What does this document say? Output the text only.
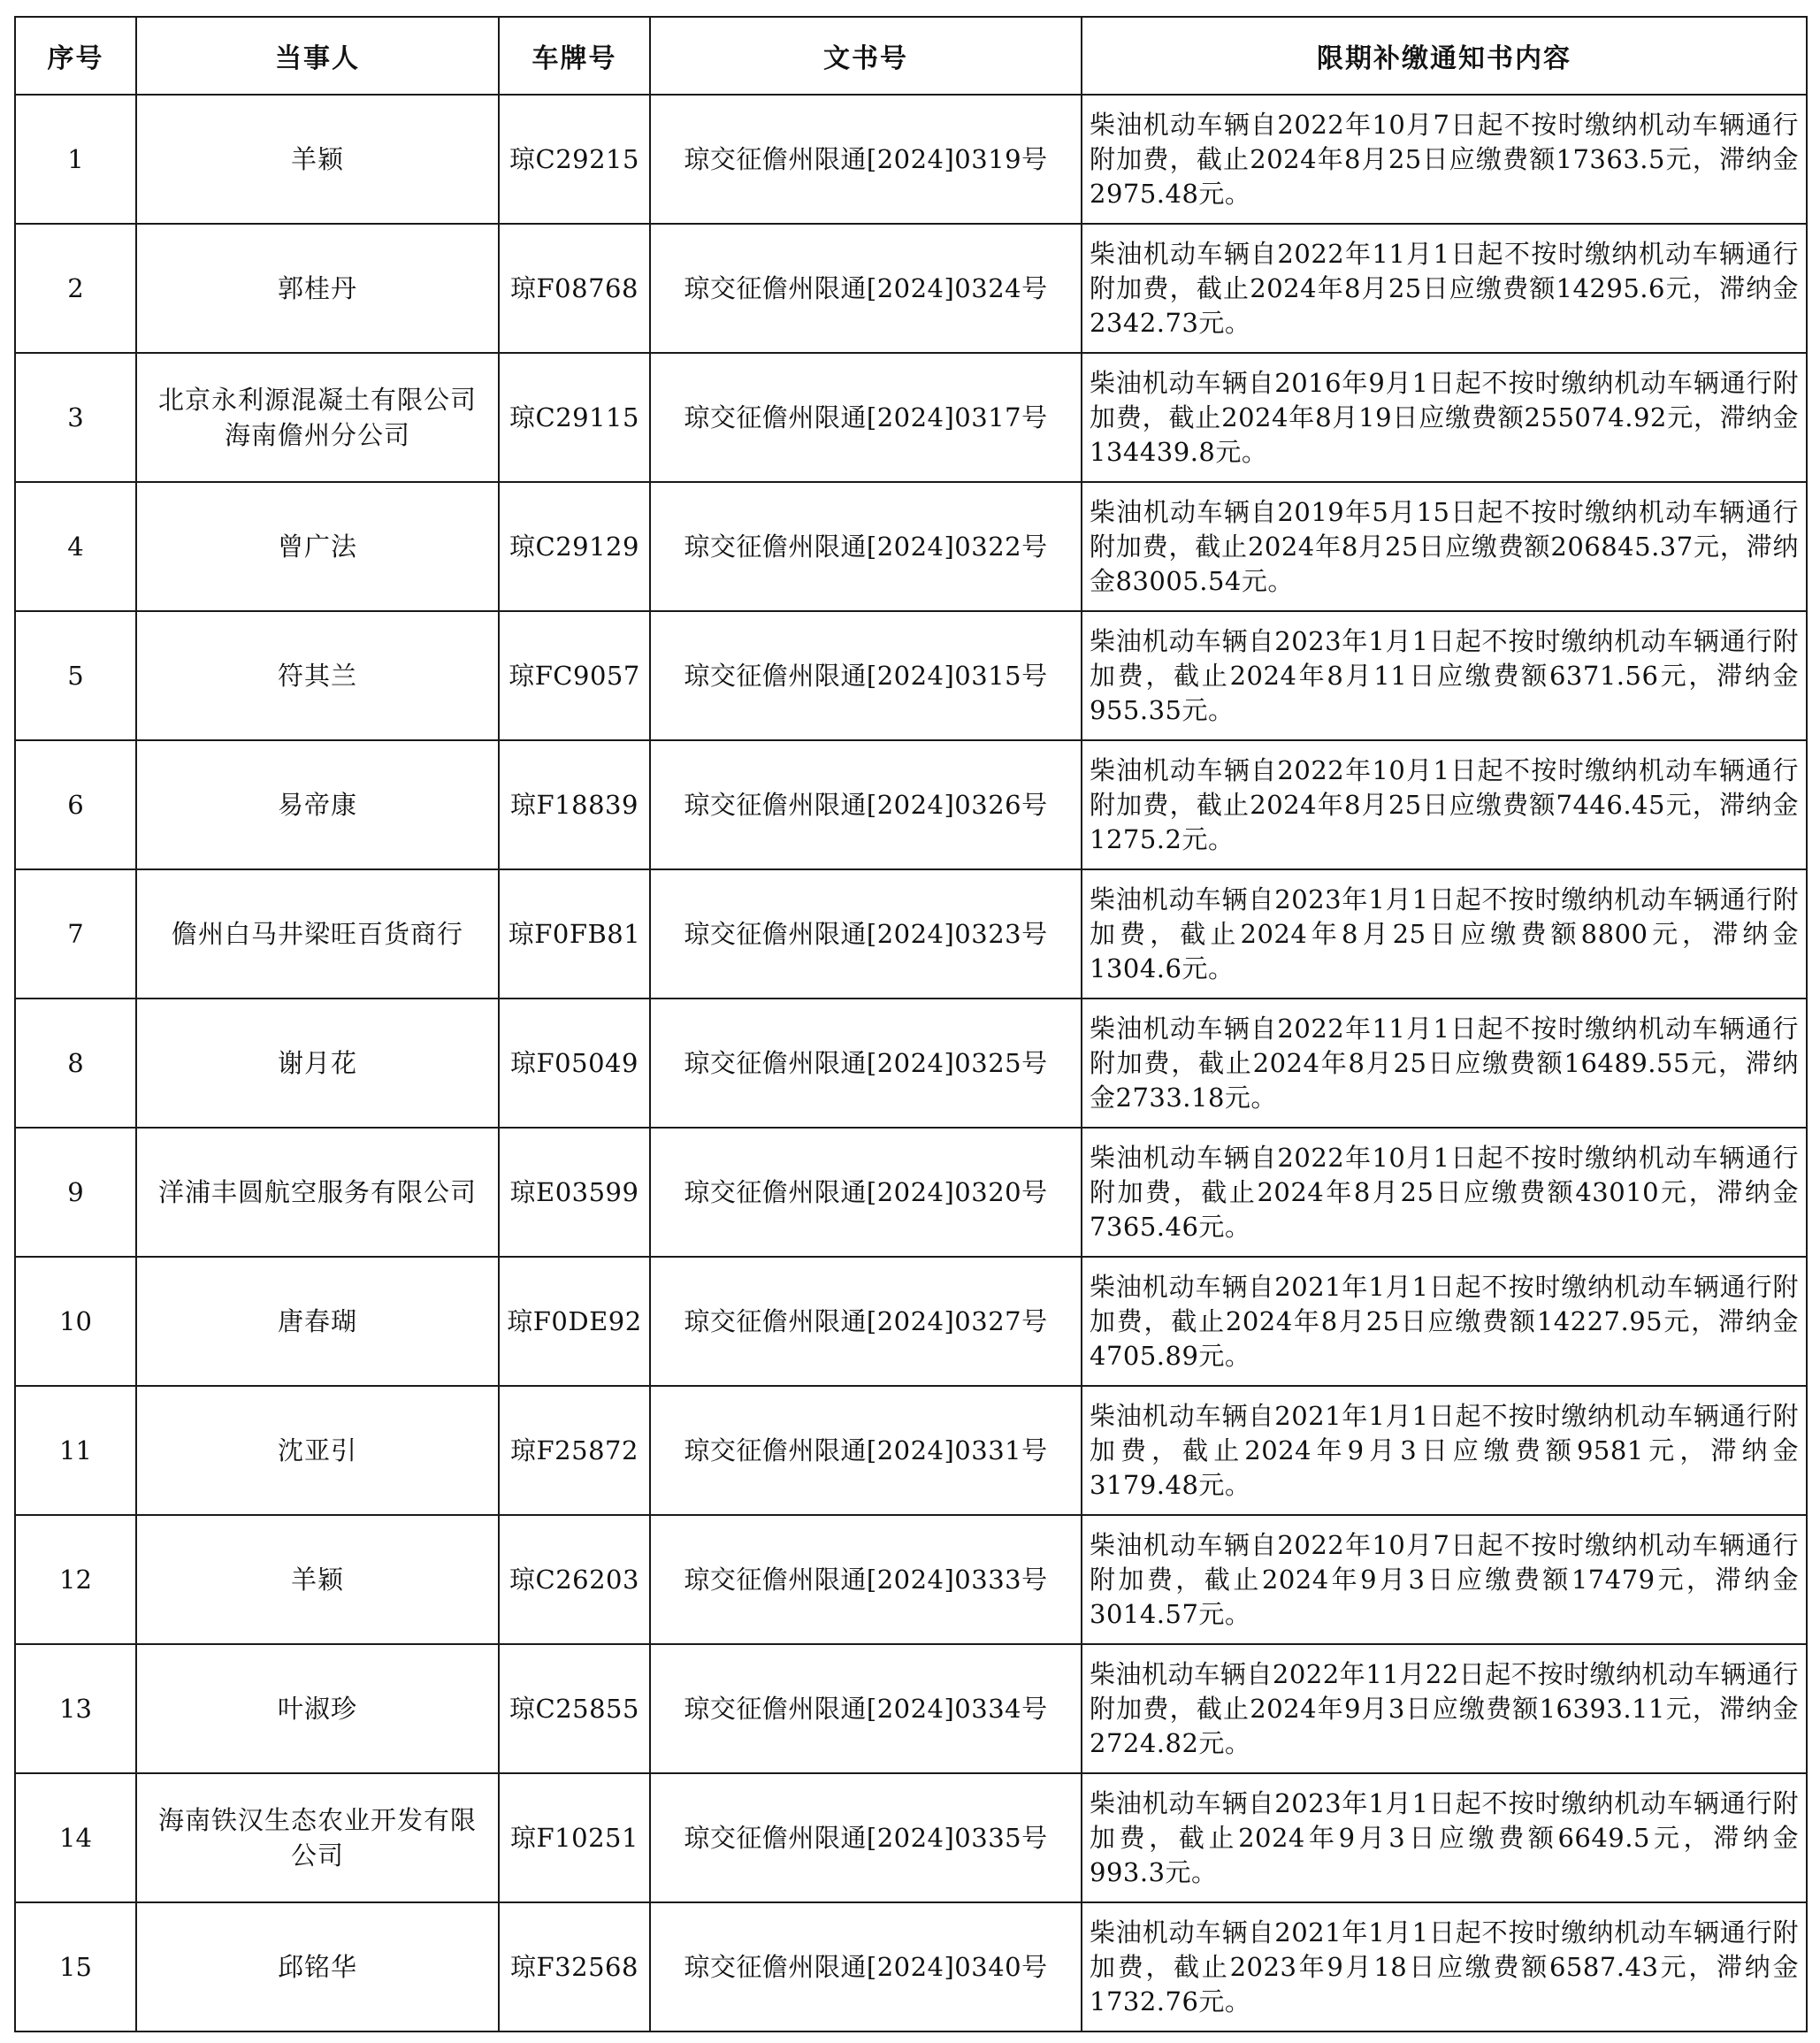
序号	当事人	车牌号	文书号	限期补缴通知书内容
1	羊颖	琼C29215	琼交征儋州限通[2024]0319号	柴油机动车辆自2022年10月7日起不按时缴纳机动车辆通行附加费，截止2024年8月25日应缴费额17363.5元，滞纳金2975.48元。
2	郭桂丹	琼F08768	琼交征儋州限通[2024]0324号	柴油机动车辆自2022年11月1日起不按时缴纳机动车辆通行附加费，截止2024年8月25日应缴费额14295.6元，滞纳金2342.73元。
3	北京永利源混凝土有限公司海南儋州分公司	琼C29115	琼交征儋州限通[2024]0317号	柴油机动车辆自2016年9月1日起不按时缴纳机动车辆通行附加费，截止2024年8月19日应缴费额255074.92元，滞纳金134439.8元。
4	曾广法	琼C29129	琼交征儋州限通[2024]0322号	柴油机动车辆自2019年5月15日起不按时缴纳机动车辆通行附加费，截止2024年8月25日应缴费额206845.37元，滞纳金83005.54元。
5	符其兰	琼FC9057	琼交征儋州限通[2024]0315号	柴油机动车辆自2023年1月1日起不按时缴纳机动车辆通行附加费，截止2024年8月11日应缴费额6371.56元，滞纳金955.35元。
6	易帝康	琼F18839	琼交征儋州限通[2024]0326号	柴油机动车辆自2022年10月1日起不按时缴纳机动车辆通行附加费，截止2024年8月25日应缴费额7446.45元，滞纳金1275.2元。
7	儋州白马井梁旺百货商行	琼F0FB81	琼交征儋州限通[2024]0323号	柴油机动车辆自2023年1月1日起不按时缴纳机动车辆通行附加费，截止2024年8月25日应缴费额8800元，滞纳金1304.6元。
8	谢月花	琼F05049	琼交征儋州限通[2024]0325号	柴油机动车辆自2022年11月1日起不按时缴纳机动车辆通行附加费，截止2024年8月25日应缴费额16489.55元，滞纳金2733.18元。
9	洋浦丰圆航空服务有限公司	琼E03599	琼交征儋州限通[2024]0320号	柴油机动车辆自2022年10月1日起不按时缴纳机动车辆通行附加费，截止2024年8月25日应缴费额43010元，滞纳金7365.46元。
10	唐春瑚	琼F0DE92	琼交征儋州限通[2024]0327号	柴油机动车辆自2021年1月1日起不按时缴纳机动车辆通行附加费，截止2024年8月25日应缴费额14227.95元，滞纳金4705.89元。
11	沈亚引	琼F25872	琼交征儋州限通[2024]0331号	柴油机动车辆自2021年1月1日起不按时缴纳机动车辆通行附加费，截止2024年9月3日应缴费额9581元，滞纳金3179.48元。
12	羊颖	琼C26203	琼交征儋州限通[2024]0333号	柴油机动车辆自2022年10月7日起不按时缴纳机动车辆通行附加费，截止2024年9月3日应缴费额17479元，滞纳金3014.57元。
13	叶淑珍	琼C25855	琼交征儋州限通[2024]0334号	柴油机动车辆自2022年11月22日起不按时缴纳机动车辆通行附加费，截止2024年9月3日应缴费额16393.11元，滞纳金2724.82元。
14	海南铁汉生态农业开发有限公司	琼F10251	琼交征儋州限通[2024]0335号	柴油机动车辆自2023年1月1日起不按时缴纳机动车辆通行附加费，截止2024年9月3日应缴费额6649.5元，滞纳金993.3元。
15	邱铭华	琼F32568	琼交征儋州限通[2024]0340号	柴油机动车辆自2021年1月1日起不按时缴纳机动车辆通行附加费，截止2023年9月18日应缴费额6587.43元，滞纳金1732.76元。
